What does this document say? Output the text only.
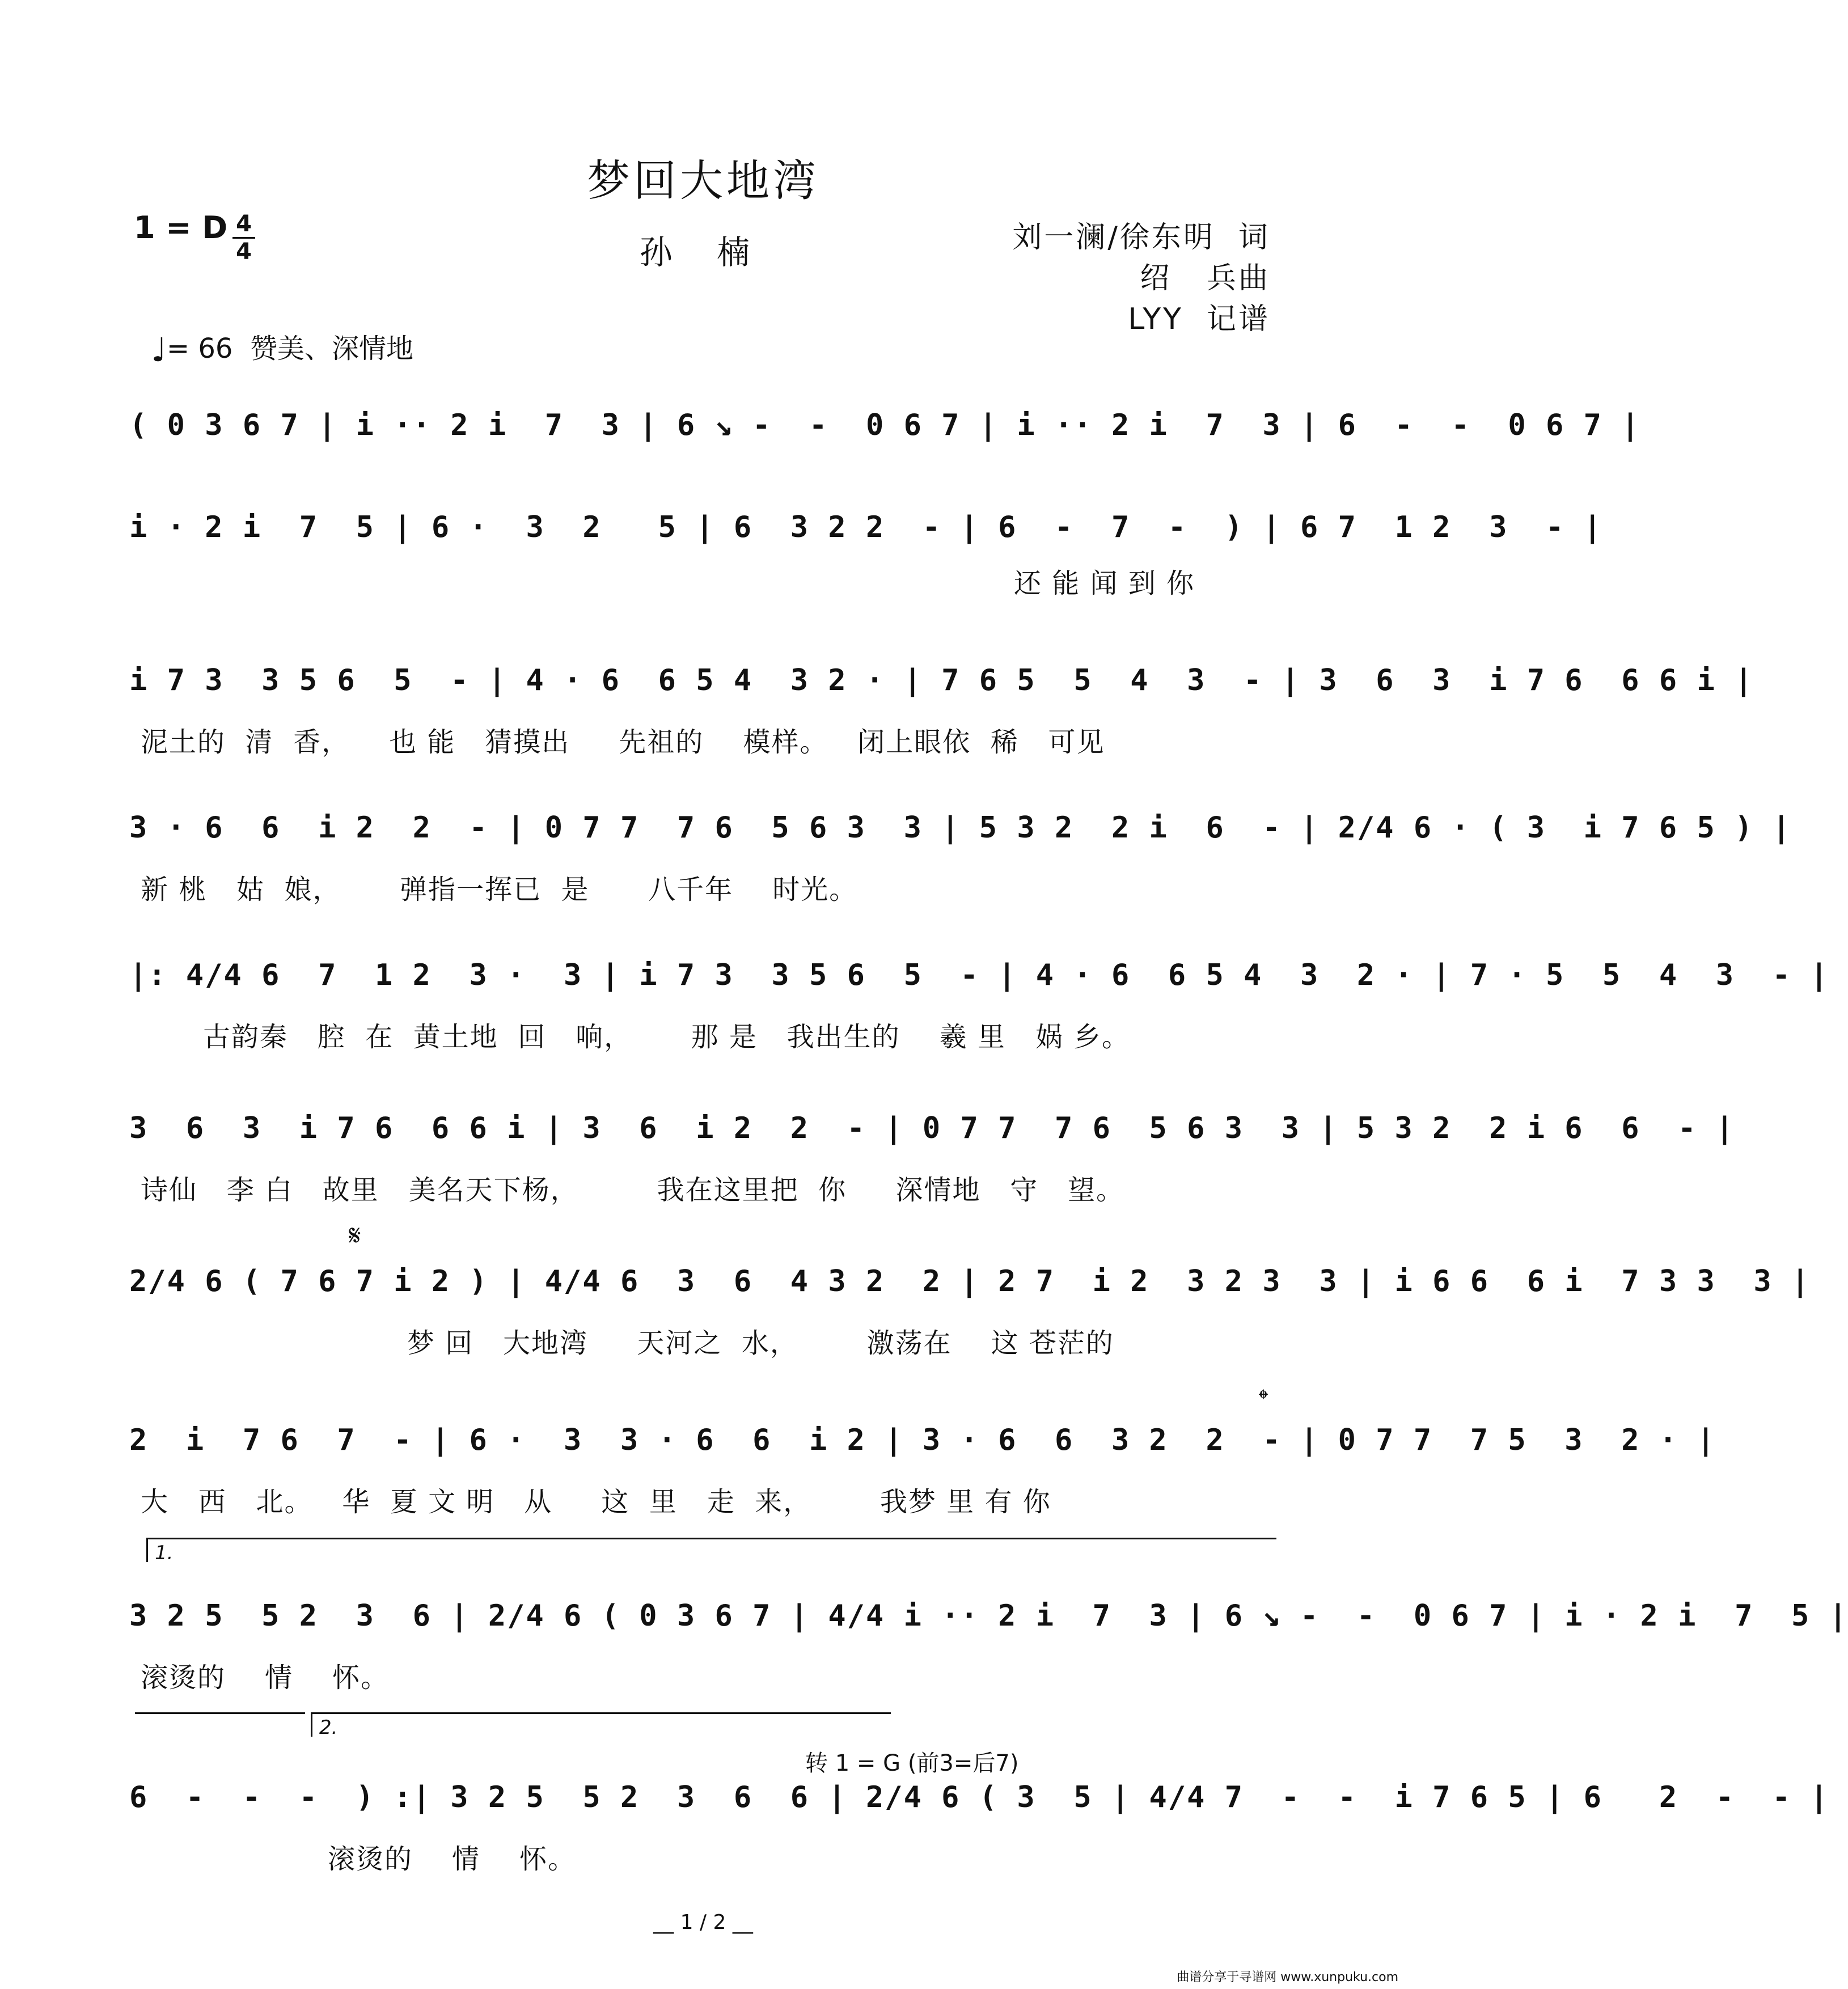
梦回大地湾
孙 楠
1 = D $\frac{4}{4}$

♩= 66  赞美、深情地

刘一澜/徐东明  词
绍   兵曲
LYY  记谱
( 0 3 6 7 | i ·· 2 i  7  3 | 6 ↘ -  -  0 6 7 | i ·· 2 i  7  3 | 6  -  -  0 6 7 |
i · 2 i  7  5 | 6 ·  3  2   5 | 6  3 2 2  - | 6  -  7  -  ) | 6 7  1 2  3  - |
还 能 闻 到 你
i 7 3  3 5 6  5  - | 4 · 6  6 5 4  3 2 · | 7 6 5  5  4  3  - | 3  6  3  i 7 6  6 6 i |
泥土的  清  香，    也 能   猜摸出     先祖的    模样。   闭上眼依  稀   可见
3 · 6  6  i 2  2  - | 0 7 7  7 6  5 6 3  3 | 5 3 2  2 i  6  - | 2/4 6 · ( 3  i 7 6 5 ) |
新 桃   姑  娘，      弹指一挥已  是      八千年    时光。
|: 4/4 6  7  1 2  3 ·  3 | i 7 3  3 5 6  5  - | 4 · 6  6 5 4  3  2 · | 7 · 5  5  4  3  - |
古韵秦   腔  在  黄土地  回   响，      那 是   我出生的    羲 里   娲 乡。
3  6  3  i 7 6  6 6 i | 3  6  i 2  2  - | 0 7 7  7 6  5 6 3  3 | 5 3 2  2 i 6  6  - |
诗仙   李 白   故里   美名天下杨，        我在这里把  你     深情地   守   望。
𝄋
2/4 6 ( 7 6 7 i 2 ) | 4/4 6  3  6  4 3 2  2 | 2 7  i 2  3 2 3  3 | i 6 6  6 i  7 3 3  3 |
梦 回   大地湾     天河之  水，       激荡在    这 苍茫的
𝄌
2  i  7 6  7  - | 6 ·  3  3 · 6  6  i 2 | 3 · 6  6  3 2  2  - | 0 7 7  7 5  3  2 · |
大   西   北。   华  夏 文 明   从     这  里   走  来，       我梦 里 有 你
1.
3 2 5  5 2  3  6 | 2/4 6 ( 0 3 6 7 | 4/4 i ·· 2 i  7  3 | 6 ↘ -  -  0 6 7 | i · 2 i  7  5 |
滚烫的    情    怀。
2.
转 1 = G (前3=后7)
6  -  -  -  ) :| 3 2 5  5 2  3  6  6 | 2/4 6 ( 3  5 | 4/4 7  -  -  i 7 6 5 | 6   2  -  - |
滚烫的    情    怀。
__ 1 / 2 __
曲谱分享于寻谱网 www.xunpuku.com
